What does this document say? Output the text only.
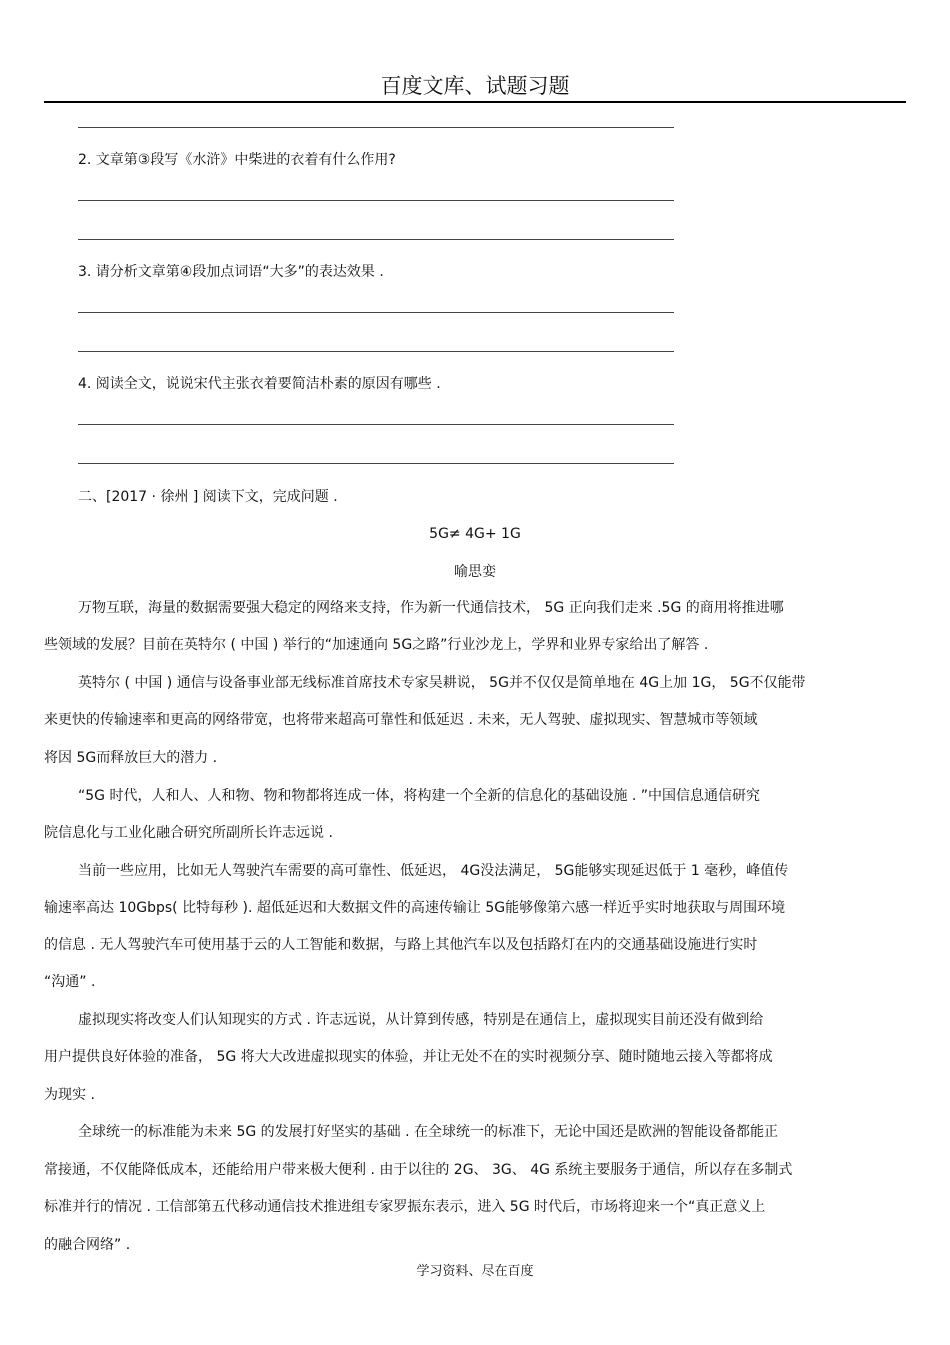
百度文库、试题习题
2. 文章第③段写《水浒》中柴进的衣着有什么作用?
3. 请分析文章第④段加点词语“大多”的表达效果 .
4. 阅读全文，说说宋代主张衣着要简洁朴素的原因有哪些 .
二、[2017 · 徐州 ] 阅读下文，完成问题 .
5G≠ 4G+ 1G
喻思娈
万物互联，海量的数据需要强大稳定的网络来支持，作为新一代通信技术， 5G 正向我们走来 .5G 的商用将推进哪
些领域的发展？目前在英特尔 ( 中国 ) 举行的“加速通向 5G之路”行业沙龙上，学界和业界专家给出了解答 .
英特尔 ( 中国 ) 通信与设备事业部无线标准首席技术专家吴耕说， 5G并不仅仅是简单地在 4G上加 1G， 5G不仅能带
来更快的传输速率和更高的网络带宽，也将带来超高可靠性和低延迟 . 未来，无人驾驶、虚拟现实、智慧城市等领域
将因 5G而释放巨大的潜力 .
“5G 时代，人和人、人和物、物和物都将连成一体，将构建一个全新的信息化的基础设施 . ”中国信息通信研究
院信息化与工业化融合研究所副所长许志远说 .
当前一些应用，比如无人驾驶汽车需要的高可靠性、低延迟， 4G没法满足， 5G能够实现延迟低于 1 毫秒，峰值传
输速率高达 10Gbps( 比特每秒 ). 超低延迟和大数据文件的高速传输让 5G能够像第六感一样近乎实时地获取与周围环境
的信息 . 无人驾驶汽车可使用基于云的人工智能和数据，与路上其他汽车以及包括路灯在内的交通基础设施进行实时
“沟通” .
虚拟现实将改变人们认知现实的方式 . 许志远说，从计算到传感，特别是在通信上，虚拟现实目前还没有做到给
用户提供良好体验的准备， 5G 将大大改进虚拟现实的体验，并让无处不在的实时视频分享、随时随地云接入等都将成
为现实 .
全球统一的标准能为未来 5G 的发展打好坚实的基础 . 在全球统一的标准下，无论中国还是欧洲的智能设备都能正
常接通，不仅能降低成本，还能给用户带来极大便利 . 由于以往的 2G、 3G、 4G 系统主要服务于通信，所以存在多制式
标准并行的情况 . 工信部第五代移动通信技术推进组专家罗振东表示，进入 5G 时代后，市场将迎来一个“真正意义上
的融合网络” .
学习资料、尽在百度
